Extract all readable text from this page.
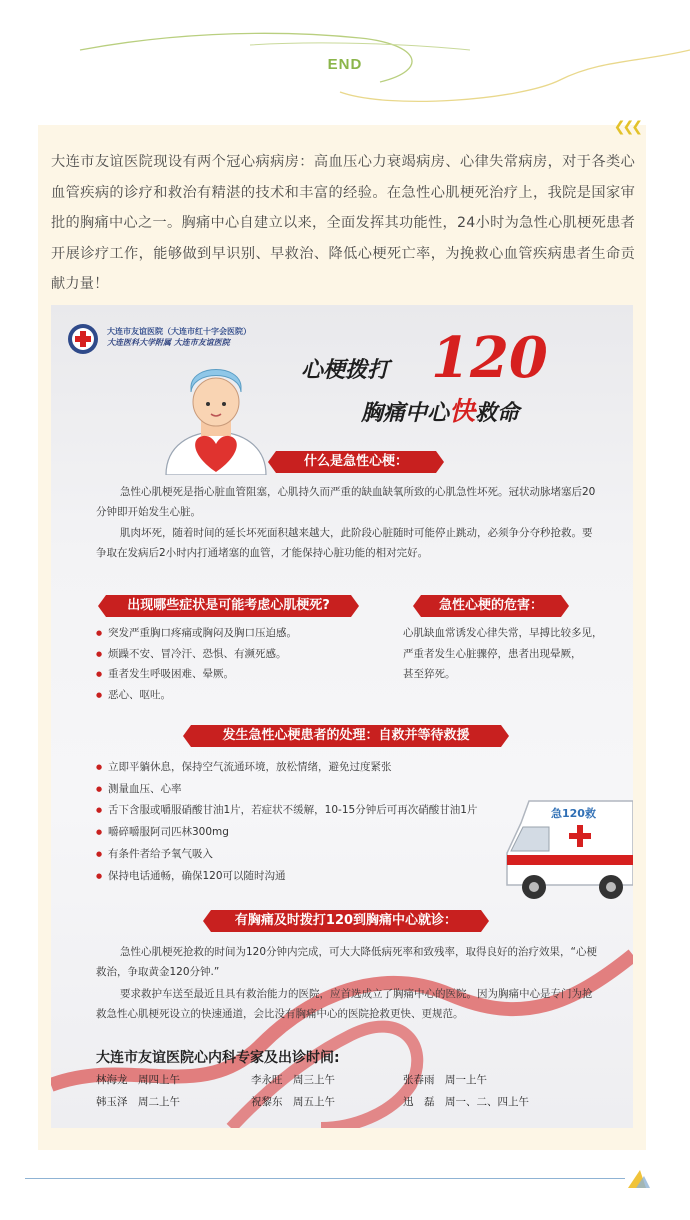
END
❮❮❮

大连市友谊医院现设有两个冠心病病房：高血压心力衰竭病房、心律失常病房，对于各类心血管疾病的诊疗和救治有精湛的技术和丰富的经验。在急性心肌梗死治疗上，我院是国家审批的胸痛中心之一。胸痛中心自建立以来，全面发挥其功能性，24小时为急性心肌梗死患者开展诊疗工作，能够做到早识别、早救治、降低心梗死亡率，为挽救心血管疾病患者生命贡献力量！

大连市友谊医院（大连市红十字会医院）
大连医科大学附属 大连市友谊医院
心梗拨打 120
胸痛中心快救命
什么是急性心梗：

急性心肌梗死是指心脏血管阻塞，心肌持久而严重的缺血缺氧所致的心肌急性坏死。冠状动脉堵塞后20分钟即开始发生心脏。

肌肉坏死，随着时间的延长坏死面积越来越大，此阶段心脏随时可能停止跳动，必须争分夺秒抢救。要争取在发病后2小时内打通堵塞的血管，才能保持心脏功能的相对完好。

出现哪些症状是可能考虑心肌梗死?
● 突发严重胸口疼痛或胸闷及胸口压迫感。
● 烦躁不安、冒冷汗、恐惧、有濒死感。
● 重者发生呼吸困难、晕厥。
● 恶心、呕吐。
急性心梗的危害：
心肌缺血常诱发心律失常，早搏比较多见，
严重者发生心脏骤停，患者出现晕厥，
甚至猝死。
发生急性心梗患者的处理：自救并等待救援
● 立即平躺休息，保持空气流通环境，放松情绪，避免过度紧张
● 测量血压、心率
● 舌下含服或嚼服硝酸甘油1片，若症状不缓解，10-15分钟后可再次硝酸甘油1片
● 嚼碎嚼服阿司匹林300mg
● 有条件者给予氧气吸入
● 保持电话通畅，确保120可以随时沟通
急120救
有胸痛及时拨打120到胸痛中心就诊：

急性心肌梗死抢救的时间为120分钟内完成，可大大降低病死率和致残率，取得良好的治疗效果，“心梗救治，争取黄金120分钟.”

要求救护车送至最近且具有救治能力的医院，应首选成立了胸痛中心的医院。因为胸痛中心是专门为抢救急性心肌梗死设立的快速通道，会比没有胸痛中心的医院抢救更快、更规范。

大连市友谊医院心内科专家及出诊时间:
林海龙　 周四上午	李永旺　 周三上午	张春雨　 周一上午
韩玉泽　 周二上午	祝黎东　 周五上午	迅　磊　 周一、二、四上午
